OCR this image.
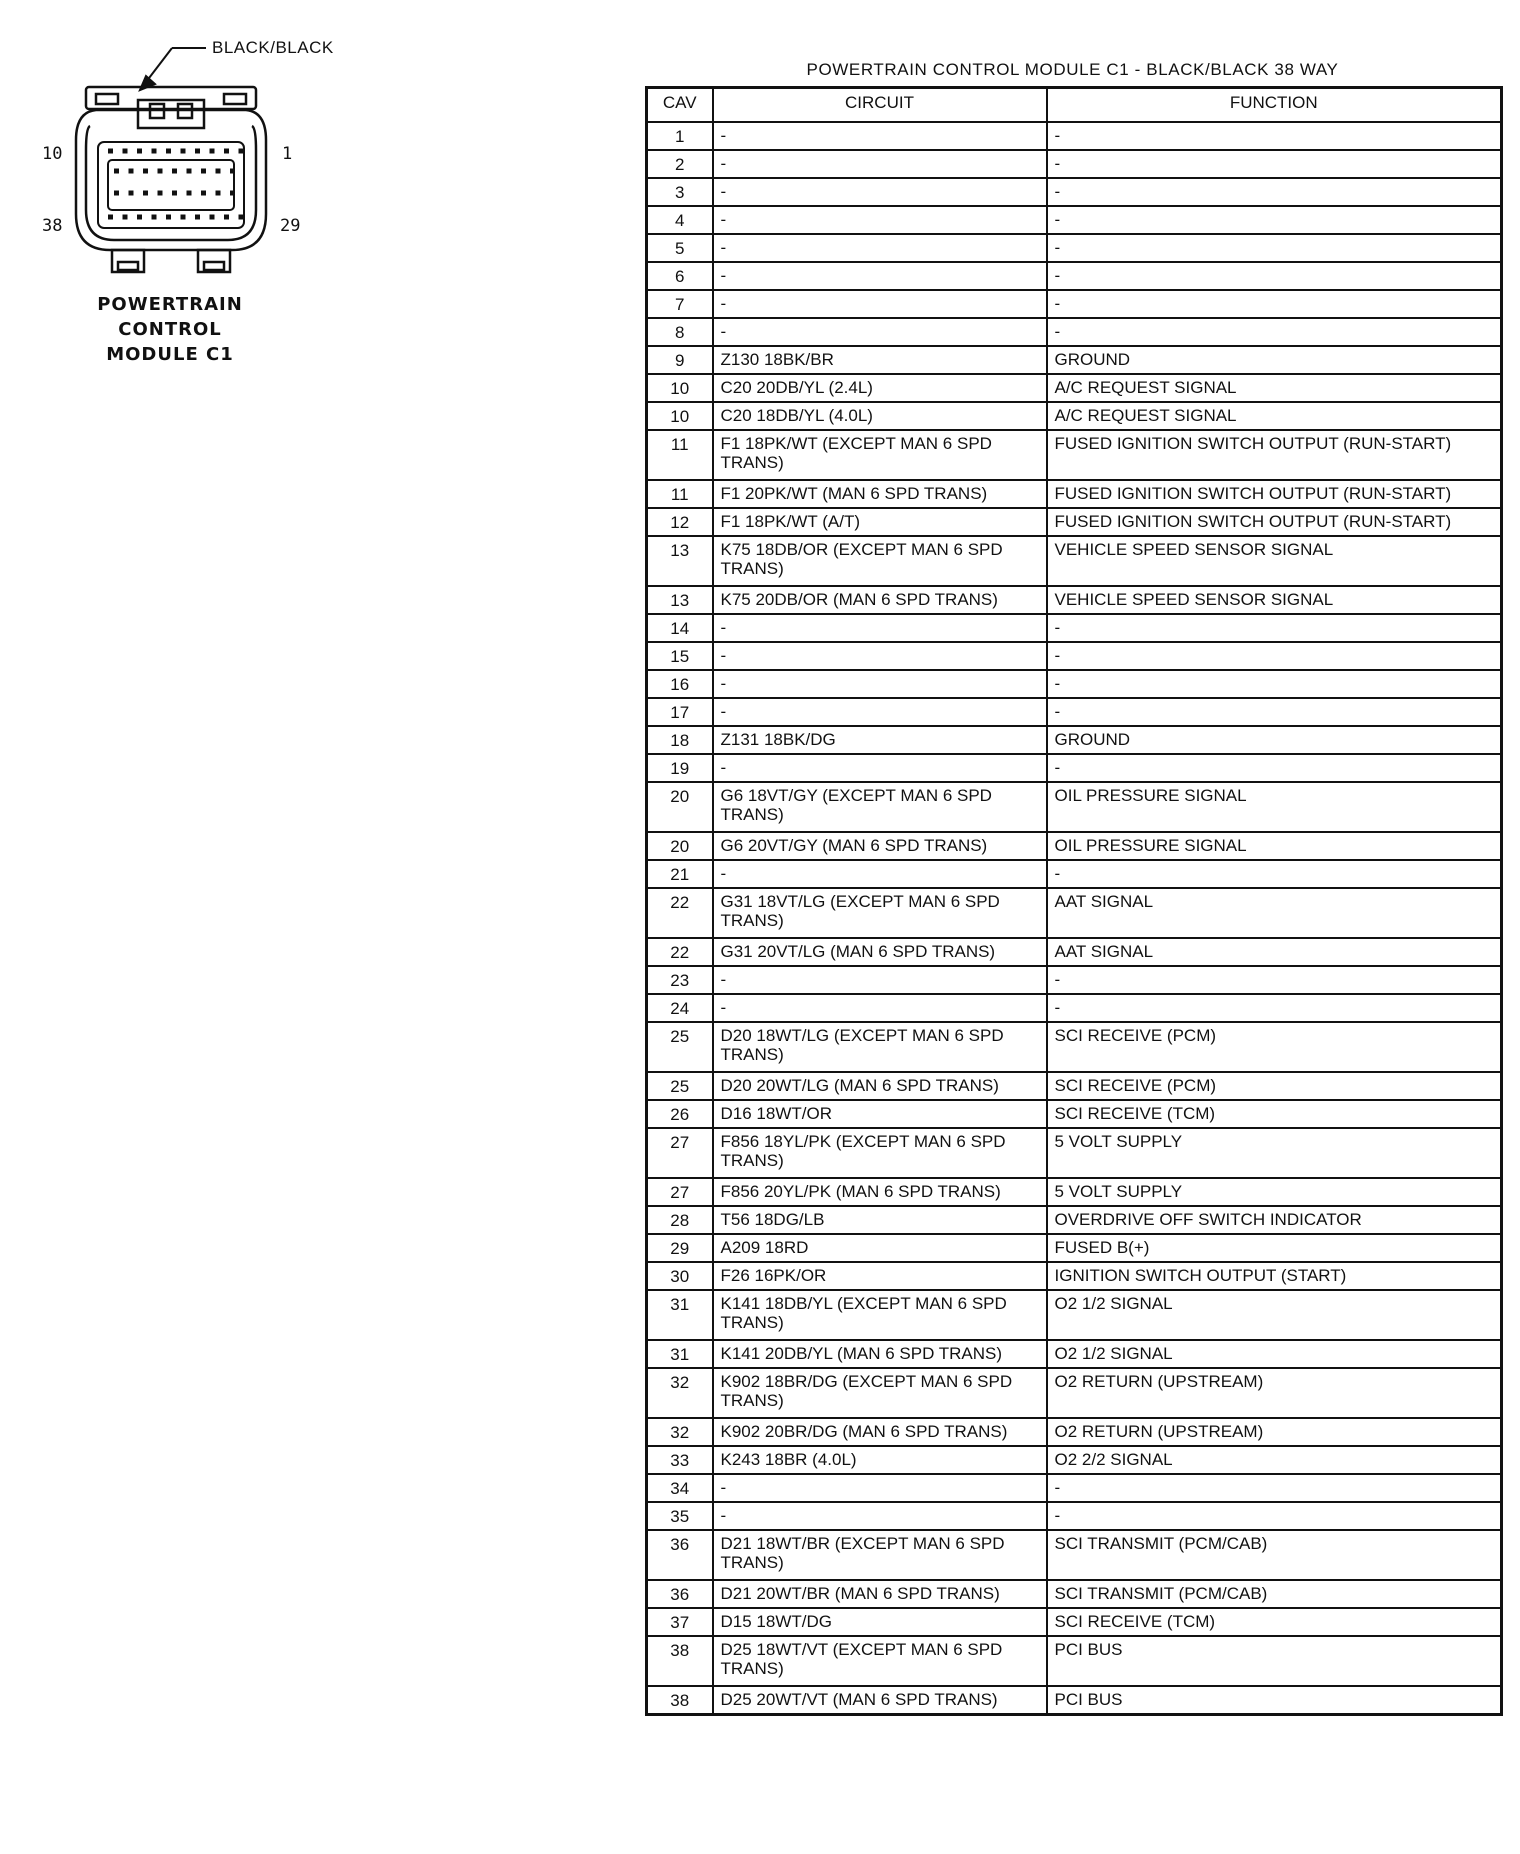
10	1
38	29
BLACK/BLACK
POWERTRAIN
CONTROL
MODULE C1
POWERTRAIN CONTROL MODULE C1 - BLACK/BLACK 38 WAY
CAV	CIRCUIT	FUNCTION
1	-	-
2	-	-
3	-	-
4	-	-
5	-	-
6	-	-
7	-	-
8	-	-
9	Z130 18BK/BR	GROUND
10	C20 20DB/YL (2.4L)	A/C REQUEST SIGNAL
10	C20 18DB/YL (4.0L)	A/C REQUEST SIGNAL
11	F1 18PK/WT (EXCEPT MAN 6 SPD TRANS)	FUSED IGNITION SWITCH OUTPUT (RUN-START)
11	F1 20PK/WT (MAN 6 SPD TRANS)	FUSED IGNITION SWITCH OUTPUT (RUN-START)
12	F1 18PK/WT (A/T)	FUSED IGNITION SWITCH OUTPUT (RUN-START)
13	K75 18DB/OR (EXCEPT MAN 6 SPD TRANS)	VEHICLE SPEED SENSOR SIGNAL
13	K75 20DB/OR (MAN 6 SPD TRANS)	VEHICLE SPEED SENSOR SIGNAL
14	-	-
15	-	-
16	-	-
17	-	-
18	Z131 18BK/DG	GROUND
19	-	-
20	G6 18VT/GY (EXCEPT MAN 6 SPD TRANS)	OIL PRESSURE SIGNAL
20	G6 20VT/GY (MAN 6 SPD TRANS)	OIL PRESSURE SIGNAL
21	-	-
22	G31 18VT/LG (EXCEPT MAN 6 SPD TRANS)	AAT SIGNAL
22	G31 20VT/LG (MAN 6 SPD TRANS)	AAT SIGNAL
23	-	-
24	-	-
25	D20 18WT/LG (EXCEPT MAN 6 SPD TRANS)	SCI RECEIVE (PCM)
25	D20 20WT/LG (MAN 6 SPD TRANS)	SCI RECEIVE (PCM)
26	D16 18WT/OR	SCI RECEIVE (TCM)
27	F856 18YL/PK (EXCEPT MAN 6 SPD TRANS)	5 VOLT SUPPLY
27	F856 20YL/PK (MAN 6 SPD TRANS)	5 VOLT SUPPLY
28	T56 18DG/LB	OVERDRIVE OFF SWITCH INDICATOR
29	A209 18RD	FUSED B(+)
30	F26 16PK/OR	IGNITION SWITCH OUTPUT (START)
31	K141 18DB/YL (EXCEPT MAN 6 SPD TRANS)	O2 1/2 SIGNAL
31	K141 20DB/YL (MAN 6 SPD TRANS)	O2 1/2 SIGNAL
32	K902 18BR/DG (EXCEPT MAN 6 SPD TRANS)	O2 RETURN (UPSTREAM)
32	K902 20BR/DG (MAN 6 SPD TRANS)	O2 RETURN (UPSTREAM)
33	K243 18BR (4.0L)	O2 2/2 SIGNAL
34	-	-
35	-	-
36	D21 18WT/BR (EXCEPT MAN 6 SPD TRANS)	SCI TRANSMIT (PCM/CAB)
36	D21 20WT/BR (MAN 6 SPD TRANS)	SCI TRANSMIT (PCM/CAB)
37	D15 18WT/DG	SCI RECEIVE (TCM)
38	D25 18WT/VT (EXCEPT MAN 6 SPD TRANS)	PCI BUS
38	D25 20WT/VT (MAN 6 SPD TRANS)	PCI BUS
